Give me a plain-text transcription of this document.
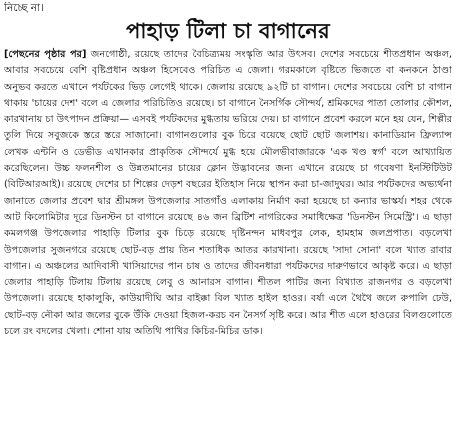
নিচ্ছে না।
পাহাড় টিলা চা বাগানের
[পেছনের পৃষ্ঠার পর] জনগোষ্ঠী, রয়েছে তাদের বৈচিত্র্যময় সংস্কৃতি আর উৎসব। দেশের সবচেয়ে শীতপ্রধান অঞ্চল, আবার সবচেয়ে বেশি বৃষ্টিপ্রধান অঞ্চল হিসেবেও পরিচিত এ জেলা। গরমকালে বৃষ্টিতে ভিজতে বা কনকনে ঠাণ্ডা অনুভব করতে এখানে পর্যটকের ভিড় লেগেই থাকে। জেলায় রয়েছে ৯২টি চা বাগান। দেশের সবচেয়ে বেশি চা বাগান থাকায় 'চায়ের দেশ' বলে এ জেলার পরিচিতিও রয়েছে। চা বাগানে নৈসর্গিক সৌন্দর্য, শ্রমিকদের পাতা তোলার কৌশল, কারখানায় চা উৎপাদন প্রক্রিয়া— এসবই পর্যটকদের মুগ্ধতায় ভরিয়ে দেয়। চা বাগানে প্রবেশ করলে মনে হয় যেন, শিল্পীর তুলি দিয়ে সবুজকে স্তরে স্তরে সাজানো। বাগানগুলোর বুক চিরে বয়েছে ছোট ছোট জলাশয়। কানাডিয়ান ফ্রিল্যান্স লেখক এন্টনি ও ডেভীড এখানকার প্রাকৃতিক সৌন্দর্যে মুগ্ধ হয়ে মৌলভীবাজারকে 'এক খণ্ড স্বর্গ' বলে আখ্যায়িত করেছিলেন। উচ্চ ফলনশীল ও উন্নতমানের চায়ের ক্লোন উদ্ভাবনের জন্য এখানে রয়েছে চা গবেষণা ইনস্টিটিউট (বিটিআরআই)। রয়েছে দেশের চা শিল্পের দেড়শ বছরের ইতিহাস নিয়ে স্থাপন করা চা-জাদুঘর। আর পর্যটকদের অভ্যর্থনা জানাতে জেলার প্রবেশ দ্বার শ্রীমঙ্গল উপজেলার সাতগাঁও এলাকায় নির্মাণ করা হয়েছে চা কন্যার ভাস্কর্য। শহর থেকে আট কিলোমিটার দূরে ডিনস্টন চা বাগানে রয়েছে ৪৬ জন ব্রিটিশ নাগরিকের সমাধিক্ষেত্র 'ডিনস্টন সিমেস্ট্রি'। এ ছাড়া কমলগঞ্জ উপজেলার পাহাড়ি টিলার বুক চিড়ে রয়েছে দৃষ্টিনন্দন মাধবপুর লেক, হামহাম জলপ্রপাত। বড়লেখা উপজেলার সুজনগরে রয়েছে ছোট-বড় প্রায় তিন শতাধিক আতর কারখানা। রয়েছে 'সাদা সোনা' বলে খ্যাত রাবার বাগান। এ অঞ্চলের আদিবাসী খাসিয়াদের পান চাষ ও তাদের জীবনধারা পর্যটকদের দারুণভাবে আকৃষ্ট করে। এ ছাড়া জেলার পাহাড়ি টিলায় টিলায় রয়েছে লেবু ও আনারস বাগান। শীতল পাটির জন্য বিখ্যাত রাজনগর ও বড়লেখা উপজেলা। রয়েছে হাকালুকি, কাউয়াদীঘি আর বাইক্কা বিল খ্যাত হাইল হাওর। বর্ষা এলে থৈথৈ জলে রুপালি ঢেউ, ছোট-বড় নৌকা আর জলের বুকে উঁকি দেওয়া হিজল-করচ বন নৈসর্গ সৃষ্টি করে। আর শীত এলে হাওরের বিলগুলোতে চলে রং বদলের খেলা। শোনা যায় অতিথি পাখির কিচির-মিচির ডাক।
